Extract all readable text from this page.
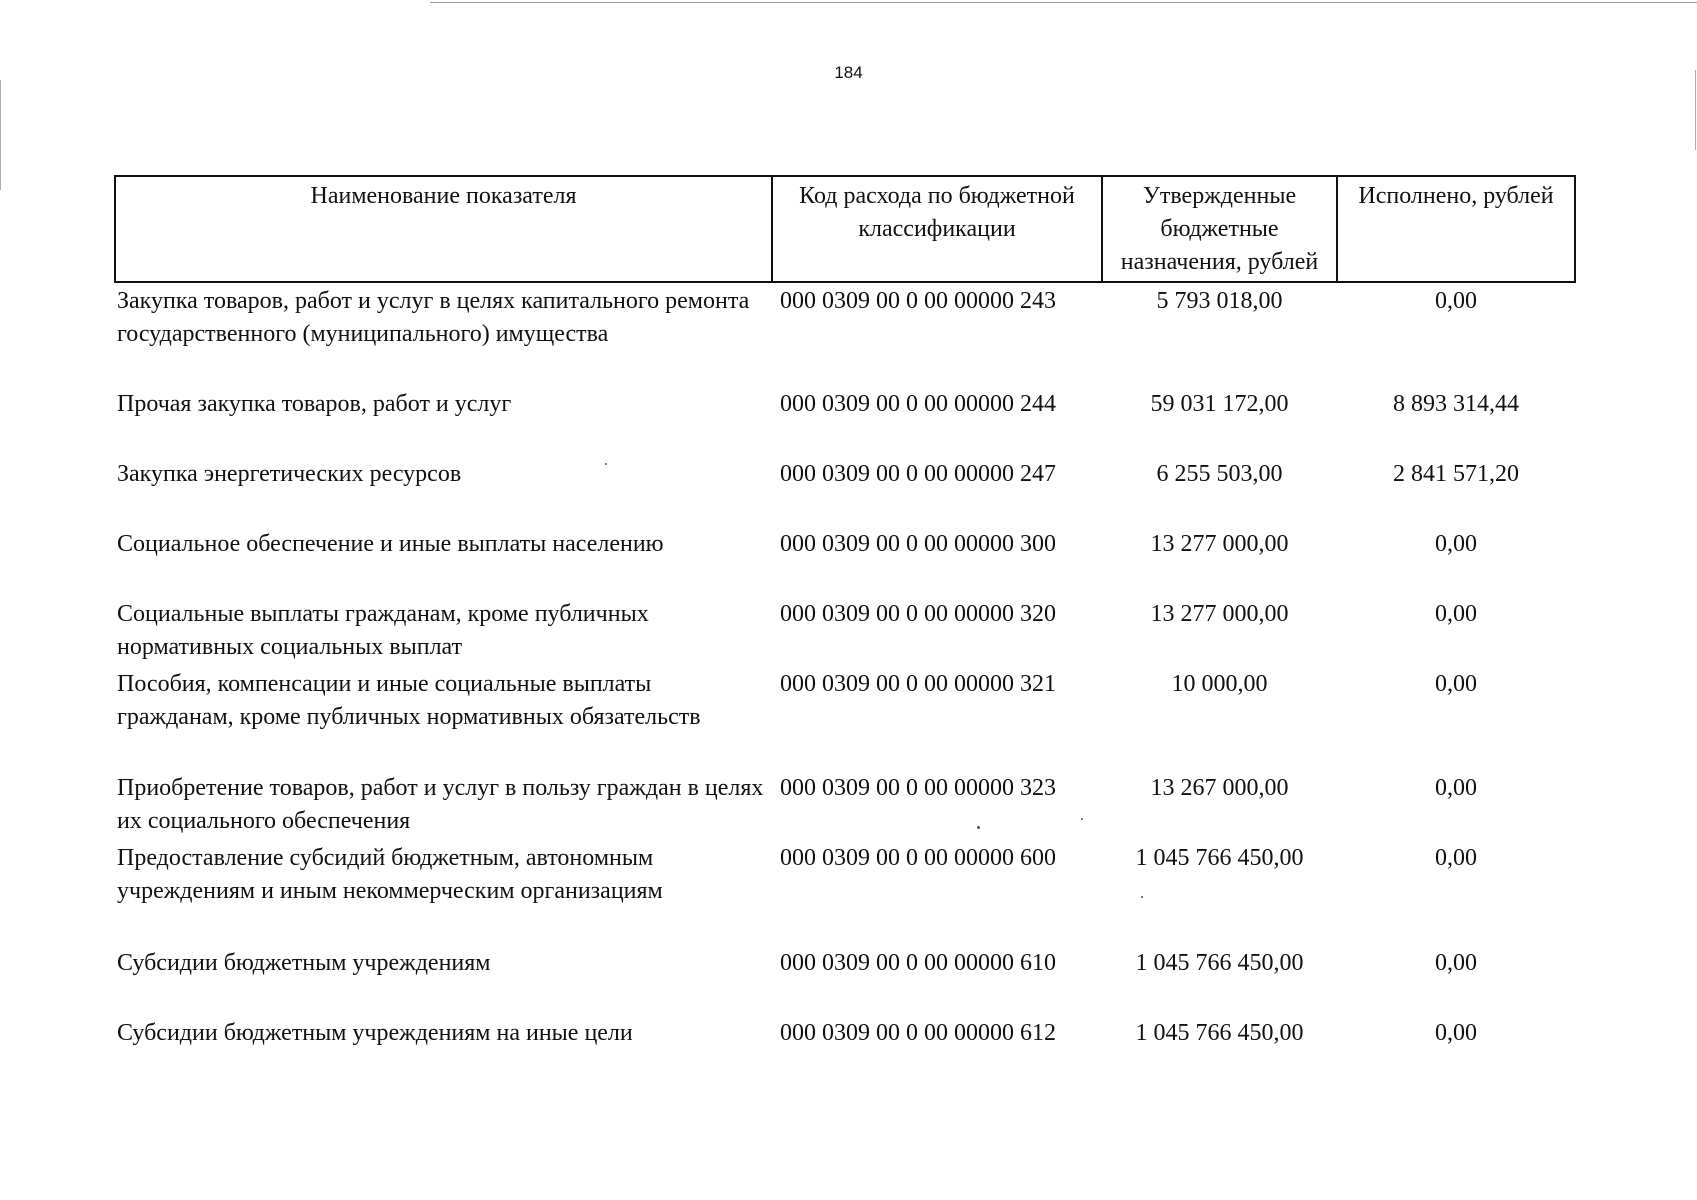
184
Наименование показателя	Код расхода по бюджетной классификации	Утвержденные бюджетные назначения, рублей	Исполнено, рублей
Закупка товаров, работ и услуг в целях капитального ремонта государственного (муниципального) имущества	000 0309 00 0 00 00000 243	5 793 018,00	0,00
Прочая закупка товаров, работ и услуг	000 0309 00 0 00 00000 244	59 031 172,00	8 893 314,44
Закупка энергетических ресурсов	000 0309 00 0 00 00000 247	6 255 503,00	2 841 571,20
Социальное обеспечение и иные выплаты населению	000 0309 00 0 00 00000 300	13 277 000,00	0,00
Социальные выплаты гражданам, кроме публичных нормативных социальных выплат	000 0309 00 0 00 00000 320	13 277 000,00	0,00
Пособия, компенсации и иные социальные выплаты гражданам, кроме публичных нормативных обязательств	000 0309 00 0 00 00000 321	10 000,00	0,00
Приобретение товаров, работ и услуг в пользу граждан в целях их социального обеспечения	000 0309 00 0 00 00000 323	13 267 000,00	0,00
Предоставление субсидий бюджетным, автономным учреждениям и иным некоммерческим организациям	000 0309 00 0 00 00000 600	1 045 766 450,00	0,00
Субсидии бюджетным учреждениям	000 0309 00 0 00 00000 610	1 045 766 450,00	0,00
Субсидии бюджетным учреждениям на иные цели	000 0309 00 0 00 00000 612	1 045 766 450,00	0,00
